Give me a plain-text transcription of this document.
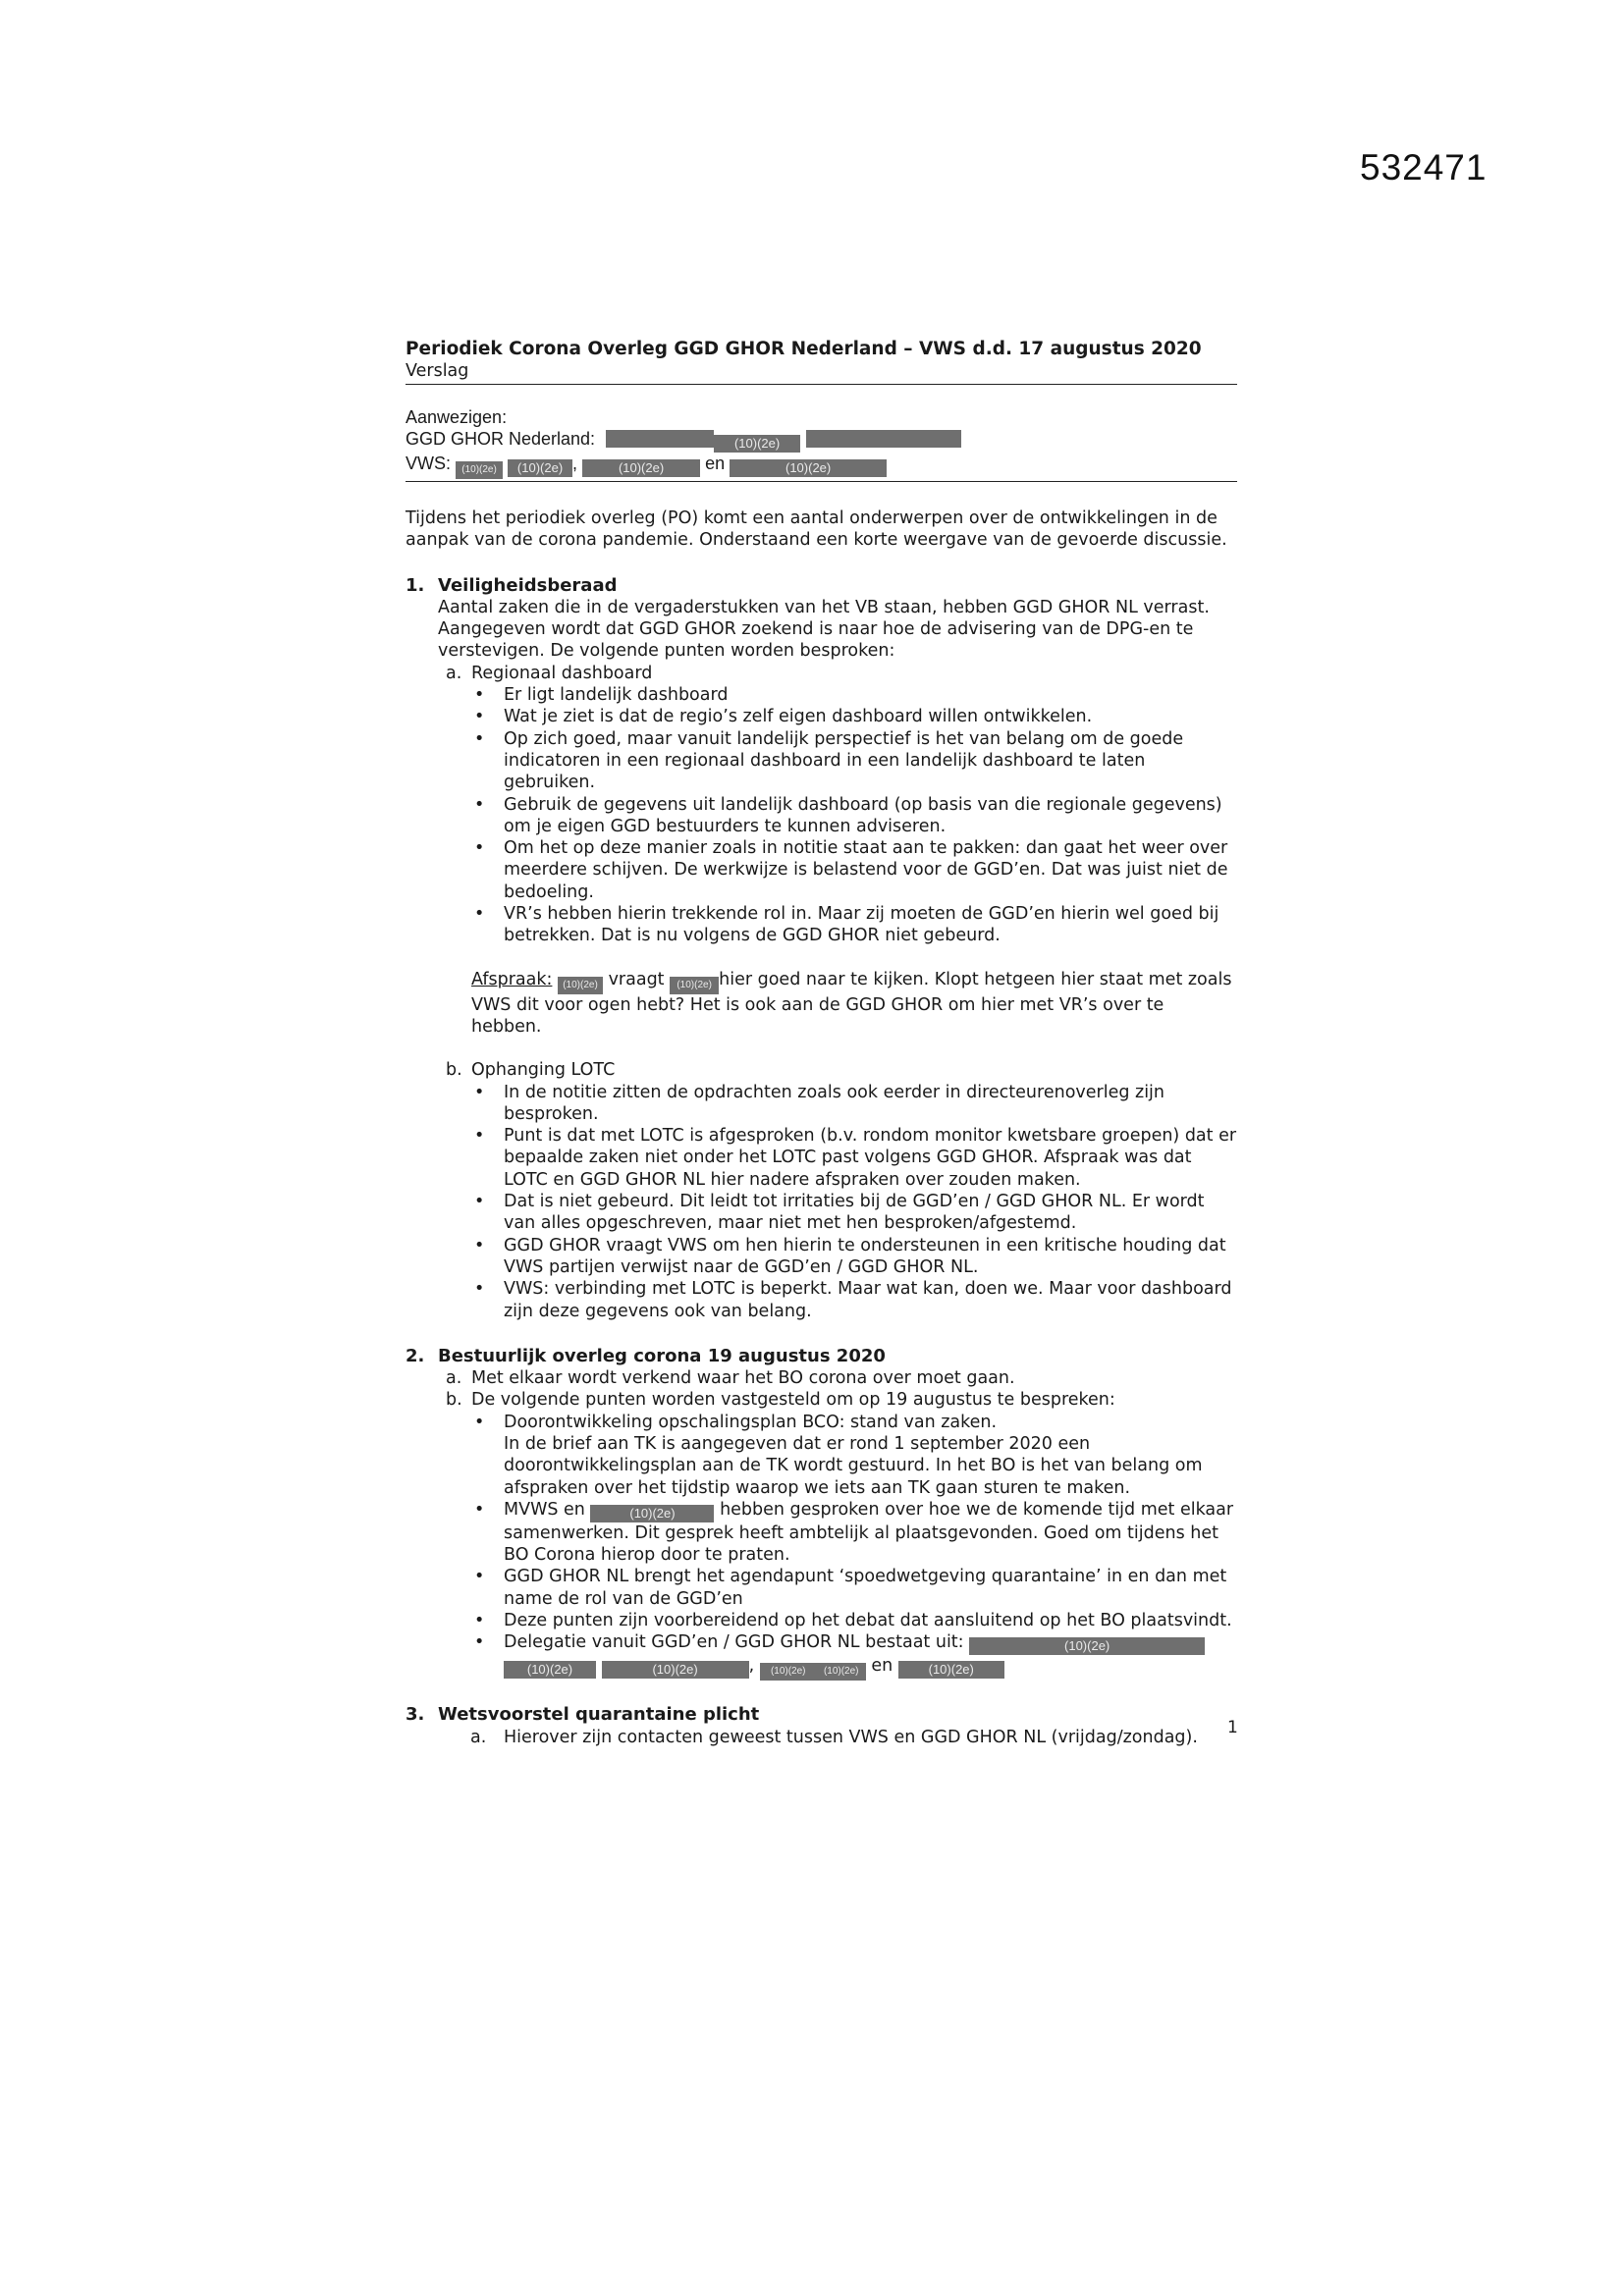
532471
Periodiek Corona Overleg GGD GHOR Nederland – VWS d.d. 17 augustus 2020
Verslag
Aanwezigen:
GGD GHOR Nederland:	(10)(2e)
VWS: (10)(2e) (10)(2e) ,	(10)(2e) en	(10)(2e)

Tijdens het periodiek overleg (PO) komt een aantal onderwerpen over de ontwikkelingen in de aanpak van de corona pandemie. Onderstaand een korte weergave van de gevoerde discussie.

1. Veiligheidsberaad

Aantal zaken die in de vergaderstukken van het VB staan, hebben GGD GHOR NL verrast. Aangegeven wordt dat GGD GHOR zoekend is naar hoe de advisering van de DPG-en te verstevigen. De volgende punten worden besproken:

a. Regionaal dashboard
• Er ligt landelijk dashboard
• Wat je ziet is dat de regio’s zelf eigen dashboard willen ontwikkelen.
• Op zich goed, maar vanuit landelijk perspectief is het van belang om de goede indicatoren in een regionaal dashboard in een landelijk dashboard te laten gebruiken.
• Gebruik de gegevens uit landelijk dashboard (op basis van die regionale gegevens) om je eigen GGD bestuurders te kunnen adviseren.
• Om het op deze manier zoals in notitie staat aan te pakken: dan gaat het weer over meerdere schijven. De werkwijze is belastend voor de GGD’en. Dat was juist niet de bedoeling.
• VR’s hebben hierin trekkende rol in. Maar zij moeten de GGD’en hierin wel goed bij betrekken. Dat is nu volgens de GGD GHOR niet gebeurd.

Afspraak: (10)(2e) vraagt (10)(2e) hier goed naar te kijken. Klopt hetgeen hier staat met zoals VWS dit voor ogen hebt? Het is ook aan de GGD GHOR om hier met VR’s over te hebben.

b. Ophanging LOTC
• In de notitie zitten de opdrachten zoals ook eerder in directeurenoverleg zijn besproken.
• Punt is dat met LOTC is afgesproken (b.v. rondom monitor kwetsbare groepen) dat er bepaalde zaken niet onder het LOTC past volgens GGD GHOR. Afspraak was dat LOTC en GGD GHOR NL hier nadere afspraken over zouden maken.
• Dat is niet gebeurd. Dit leidt tot irritaties bij de GGD’en / GGD GHOR NL. Er wordt van alles opgeschreven, maar niet met hen besproken/afgestemd.
• GGD GHOR vraagt VWS om hen hierin te ondersteunen in een kritische houding dat VWS partijen verwijst naar de GGD’en / GGD GHOR NL.
• VWS: verbinding met LOTC is beperkt. Maar wat kan, doen we. Maar voor dashboard zijn deze gegevens ook van belang.
2. Bestuurlijk overleg corona 19 augustus 2020
a. Met elkaar wordt verkend waar het BO corona over moet gaan.
b. De volgende punten worden vastgesteld om op 19 augustus te bespreken:
• Doorontwikkeling opschalingsplan BCO: stand van zaken.
In de brief aan TK is aangegeven dat er rond 1 september 2020 een doorontwikkelingsplan aan de TK wordt gestuurd. In het BO is het van belang om afspraken over het tijdstip waarop we iets aan TK gaan sturen te maken.
• MVWS en	(10)(2e)	hebben gesproken over hoe we de komende tijd met elkaar samenwerken. Dit gesprek heeft ambtelijk al plaatsgevonden. Goed om tijdens het BO Corona hierop door te praten.
• GGD GHOR NL brengt het agendapunt ‘spoedwetgeving quarantaine’ in en dan met name de rol van de GGD’en
• Deze punten zijn voorbereidend op het debat dat aansluitend op het BO plaatsvindt.
• Delegatie vanuit GGD’en / GGD GHOR NL bestaat uit:	(10)(2e)
(10)(2e)	(10)(2e)	, (10)(2e) (10)(2e) en	(10)(2e)
3. Wetsvoorstel quarantaine plicht
a. Hierover zijn contacten geweest tussen VWS en GGD GHOR NL (vrijdag/zondag).	1
